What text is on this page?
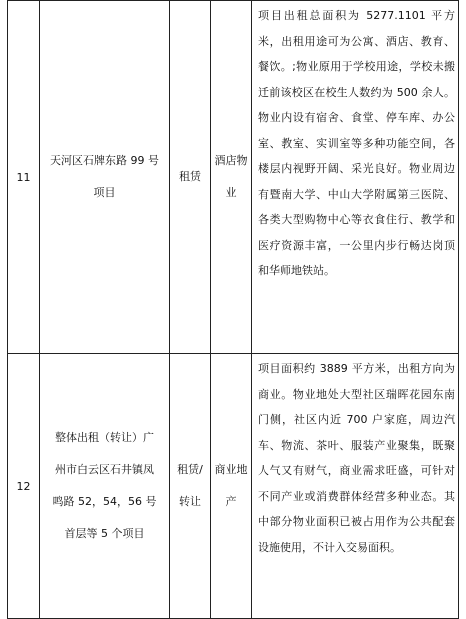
11	天河区石牌东路 99 号项目	租赁	酒店物业	项目出租总面积为 5277.1101 平方米，出租用途可为公寓、酒店、教育、餐饮。;物业原用于学校用途，学校未搬迁前该校区在校生人数约为 500 余人。物业内设有宿舍、食堂、停车库、办公室、教室、实训室等多种功能空间，各楼层内视野开阔、采光良好。物业周边有暨南大学、中山大学附属第三医院、各类大型购物中心等衣食住行、教学和医疗资源丰富，一公里内步行畅达岗顶和华师地铁站。
12	整体出租（转让）广州市白云区石井镇凤鸣路 52，54，56 号首层等 5 个项目	租赁/转让	商业地产	项目面积约 3889 平方米，出租方向为商业。物业地处大型社区瑞晖花园东南门侧，社区内近 700 户家庭，周边汽车、物流、茶叶、服装产业聚集，既聚人气又有财气，商业需求旺盛，可针对不同产业或消费群体经营多种业态。其中部分物业面积已被占用作为公共配套设施使用，不计入交易面积。
